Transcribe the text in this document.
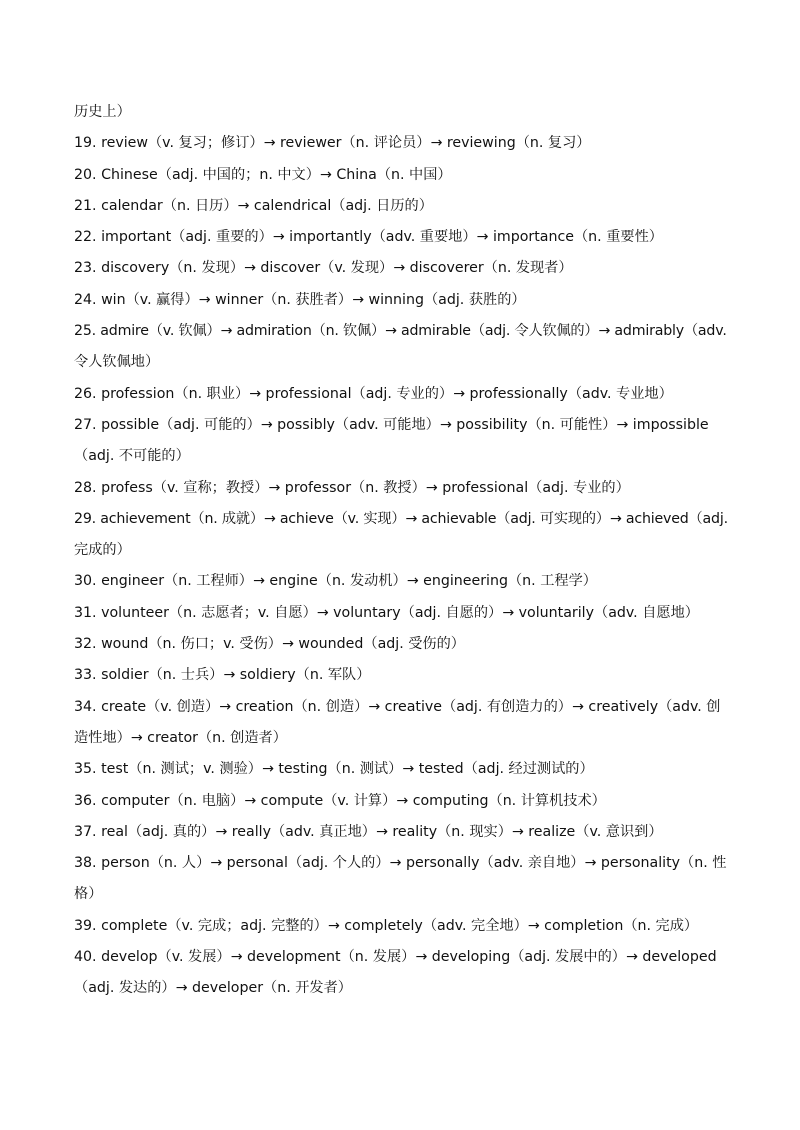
历史上）
19. review（v. 复习；修订）→ reviewer（n. 评论员）→ reviewing（n. 复习）
20. Chinese（adj. 中国的；n. 中文）→ China（n. 中国）
21. calendar（n. 日历）→ calendrical（adj. 日历的）
22. important（adj. 重要的）→ importantly（adv. 重要地）→ importance（n. 重要性）
23. discovery（n. 发现）→ discover（v. 发现）→ discoverer（n. 发现者）
24. win（v. 赢得）→ winner（n. 获胜者）→ winning（adj. 获胜的）
25. admire（v. 钦佩）→ admiration（n. 钦佩）→ admirable（adj. 令人钦佩的）→ admirably（adv.
令人钦佩地）
26. profession（n. 职业）→ professional（adj. 专业的）→ professionally（adv. 专业地）
27. possible（adj. 可能的）→ possibly（adv. 可能地）→ possibility（n. 可能性）→ impossible
（adj. 不可能的）
28. profess（v. 宣称；教授）→ professor（n. 教授）→ professional（adj. 专业的）
29. achievement（n. 成就）→ achieve（v. 实现）→ achievable（adj. 可实现的）→ achieved（adj.
完成的）
30. engineer（n. 工程师）→ engine（n. 发动机）→ engineering（n. 工程学）
31. volunteer（n. 志愿者；v. 自愿）→ voluntary（adj. 自愿的）→ voluntarily（adv. 自愿地）
32. wound（n. 伤口；v. 受伤）→ wounded（adj. 受伤的）
33. soldier（n. 士兵）→ soldiery（n. 军队）
34. create（v. 创造）→ creation（n. 创造）→ creative（adj. 有创造力的）→ creatively（adv. 创
造性地）→ creator（n. 创造者）
35. test（n. 测试；v. 测验）→ testing（n. 测试）→ tested（adj. 经过测试的）
36. computer（n. 电脑）→ compute（v. 计算）→ computing（n. 计算机技术）
37. real（adj. 真的）→ really（adv. 真正地）→ reality（n. 现实）→ realize（v. 意识到）
38. person（n. 人）→ personal（adj. 个人的）→ personally（adv. 亲自地）→ personality（n. 性
格）
39. complete（v. 完成；adj. 完整的）→ completely（adv. 完全地）→ completion（n. 完成）
40. develop（v. 发展）→ development（n. 发展）→ developing（adj. 发展中的）→ developed
（adj. 发达的）→ developer（n. 开发者）
